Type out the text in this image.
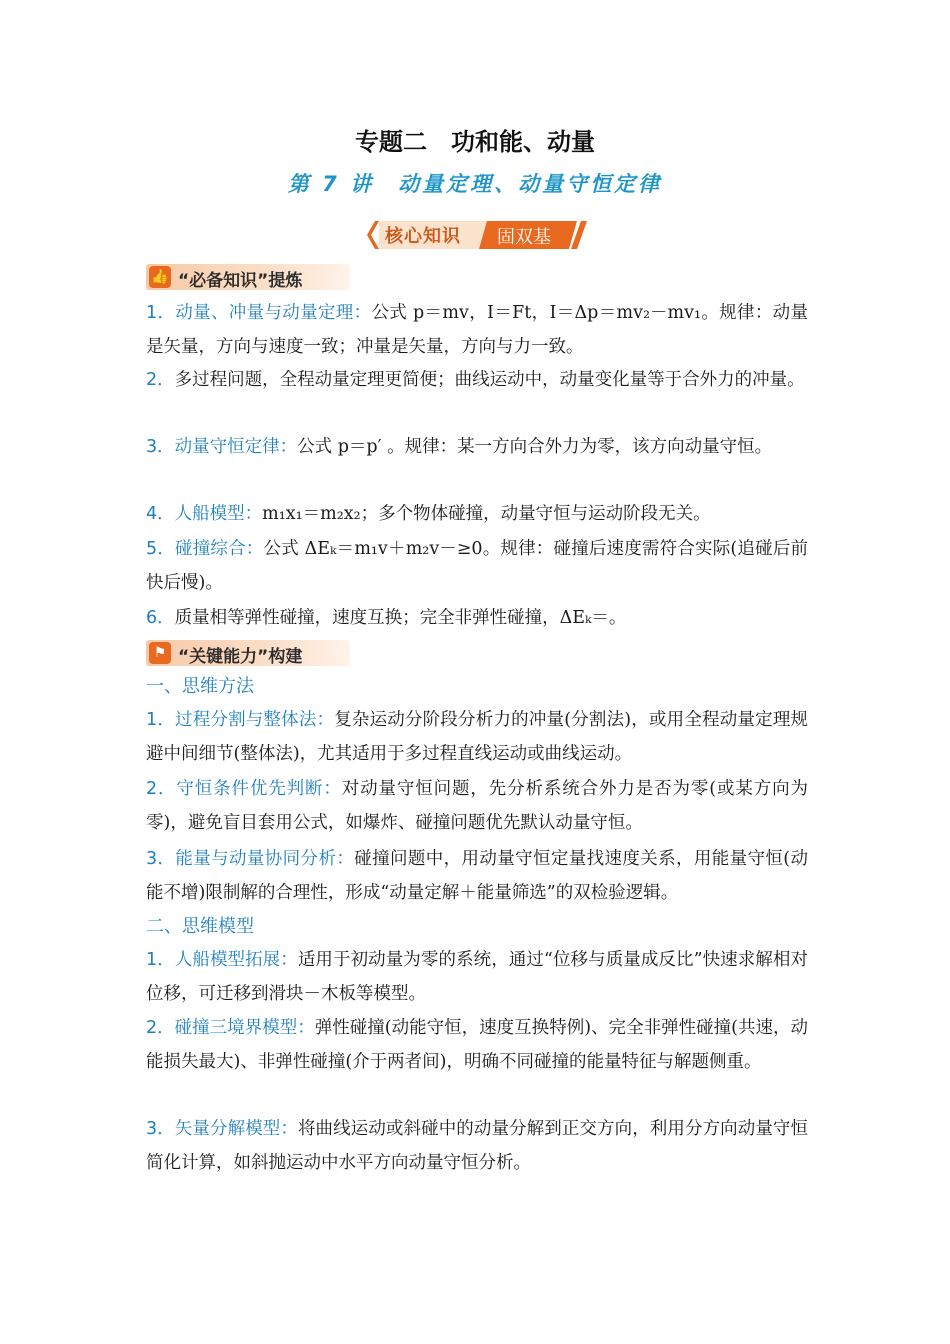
专题二　功和能、动量
第 7 讲　动量定理、动量守恒定律
核心知识 固双基
👍 “必备知识”提炼
1．动量、冲量与动量定理：公式 p＝mv，I＝Ft，I＝Δp＝mv₂－mv₁。规律：动量是矢量，方向与速度一致；冲量是矢量，方向与力一致。
2．多过程问题，全程动量定理更简便；曲线运动中，动量变化量等于合外力的冲量。
3．动量守恒定律：公式 p＝p′ 。规律：某一方向合外力为零，该方向动量守恒。
4．人船模型：m₁x₁＝m₂x₂；多个物体碰撞，动量守恒与运动阶段无关。
5．碰撞综合：公式 ΔEₖ＝m₁v＋m₂v－≥0。规律：碰撞后速度需符合实际(追碰后前快后慢)。
6．质量相等弹性碰撞，速度互换；完全非弹性碰撞，ΔEₖ＝。
⚑ “关键能力”构建
一、思维方法
1．过程分割与整体法：复杂运动分阶段分析力的冲量(分割法)，或用全程动量定理规避中间细节(整体法)，尤其适用于多过程直线运动或曲线运动。
2．守恒条件优先判断：对动量守恒问题，先分析系统合外力是否为零(或某方向为零)，避免盲目套用公式，如爆炸、碰撞问题优先默认动量守恒。
3．能量与动量协同分析：碰撞问题中，用动量守恒定量找速度关系，用能量守恒(动能不增)限制解的合理性，形成“动量定解＋能量筛选”的双检验逻辑。
二、思维模型
1．人船模型拓展：适用于初动量为零的系统，通过“位移与质量成反比”快速求解相对位移，可迁移到滑块－木板等模型。
2．碰撞三境界模型：弹性碰撞(动能守恒，速度互换特例)、完全非弹性碰撞(共速，动能损失最大)、非弹性碰撞(介于两者间)，明确不同碰撞的能量特征与解题侧重。
3．矢量分解模型：将曲线运动或斜碰中的动量分解到正交方向，利用分方向动量守恒简化计算，如斜抛运动中水平方向动量守恒分析。
